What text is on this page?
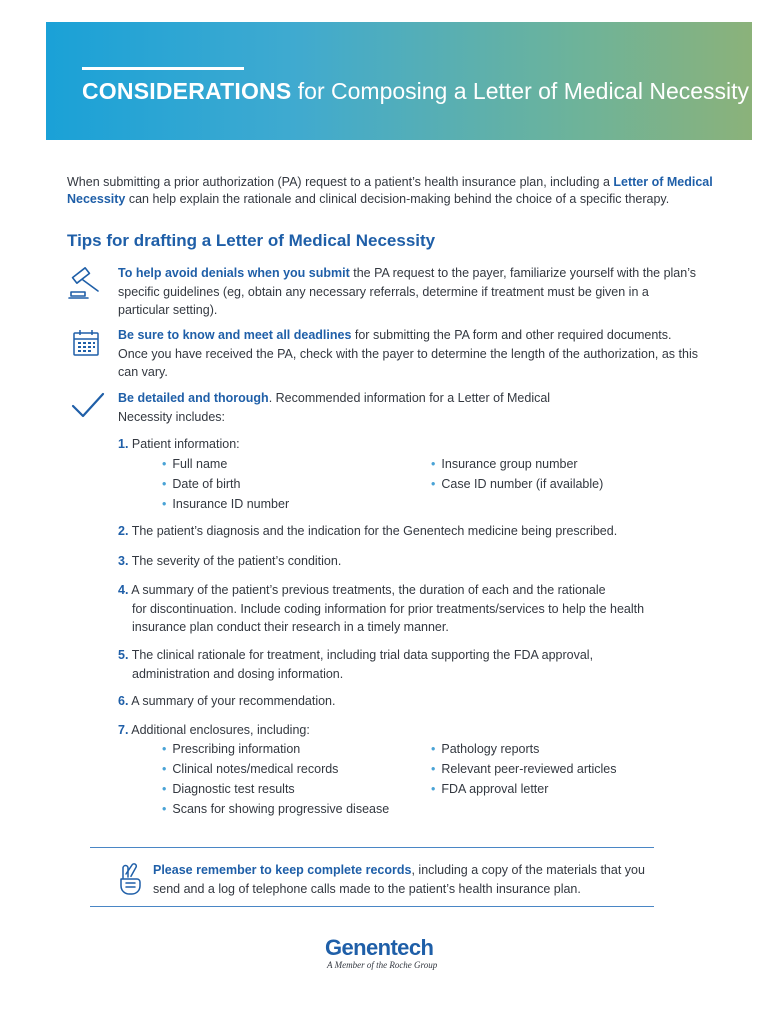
CONSIDERATIONS for Composing a Letter of Medical Necessity
When submitting a prior authorization (PA) request to a patient’s health insurance plan, including a Letter of Medical Necessity can help explain the rationale and clinical decision-making behind the choice of a specific therapy.
Tips for drafting a Letter of Medical Necessity
To help avoid denials when you submit the PA request to the payer, familiarize yourself with the plan’s specific guidelines (eg, obtain any necessary referrals, determine if treatment must be given in a particular setting).
Be sure to know and meet all deadlines for submitting the PA form and other required documents. Once you have received the PA, check with the payer to determine the length of the authorization, as this can vary.
Be detailed and thorough. Recommended information for a Letter of Medical Necessity includes:
1. Patient information:
• Full name
• Date of birth
• Insurance ID number
• Insurance group number
• Case ID number (if available)
2. The patient’s diagnosis and the indication for the Genentech medicine being prescribed.
3. The severity of the patient’s condition.
4. A summary of the patient’s previous treatments, the duration of each and the rationale
for discontinuation. Include coding information for prior treatments/services to help the health insurance plan conduct their research in a timely manner.
5. The clinical rationale for treatment, including trial data supporting the FDA approval,
administration and dosing information.
6. A summary of your recommendation.
7. Additional enclosures, including:
• Prescribing information
• Clinical notes/medical records
• Diagnostic test results
• Scans for showing progressive disease
• Pathology reports
• Relevant peer-reviewed articles
• FDA approval letter
Please remember to keep complete records, including a copy of the materials that you send and a log of telephone calls made to the patient’s health insurance plan.
Genentech
A Member of the Roche Group
